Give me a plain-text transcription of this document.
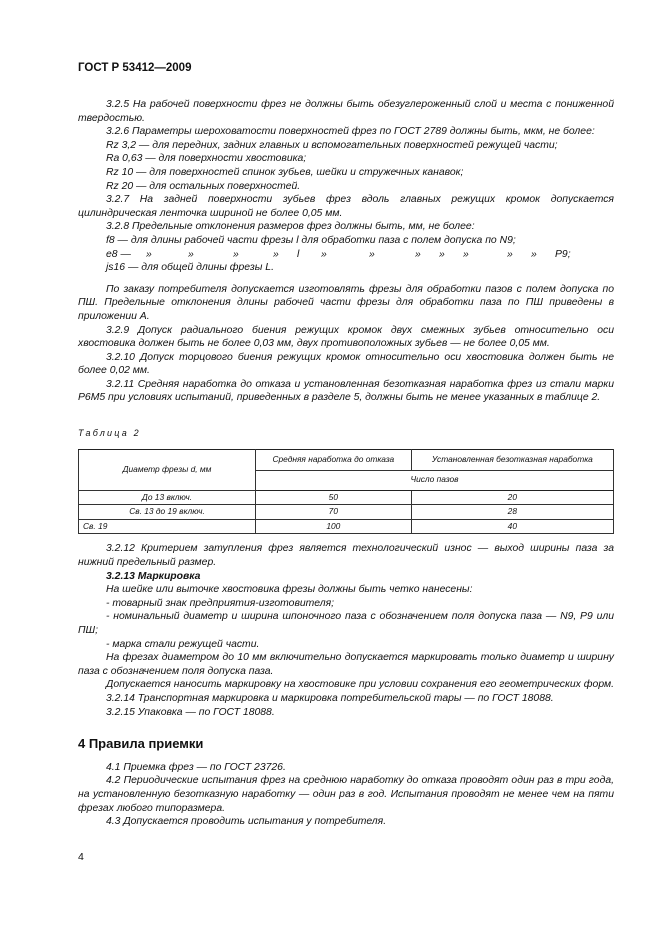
ГОСТ Р 53412—2009

3.2.5 На рабочей поверхности фрез не должны быть обезуглероженный слой и места с пониженной твердостью.

3.2.6 Параметры шероховатости поверхностей фрез по ГОСТ 2789 должны быть, мкм, не более:

Rz 3,2 — для передних, задних главных и вспомогательных поверхностей режущей части;

Ra 0,63 — для поверхности хвостовика;

Rz 10 — для поверхностей спинок зубьев, шейки и стружечных канавок;

Rz 20 — для остальных поверхностей.

3.2.7 На задней поверхности зубьев фрез вдоль главных режущих кромок допускается цилиндрическая ленточка шириной не более 0,05 мм.

3.2.8 Предельные отклонения размеров фрез должны быть, мм, не более:

f8 — для длины рабочей части фрезы l для обработки паза с полем допуска по N9;

e8 —	»	»	»	»	l	»	»	»	»	»	»	»	P9;

js16 — для общей длины фрезы L.

По заказу потребителя допускается изготовлять фрезы для обработки пазов с полем допуска по ПШ. Предельные отклонения длины рабочей части фрезы для обработки паза по ПШ приведены в приложении А.

3.2.9 Допуск радиального биения режущих кромок двух смежных зубьев относительно оси хвостовика должен быть не более 0,03 мм, двух противоположных зубьев — не более 0,05 мм.

3.2.10 Допуск торцового биения режущих кромок относительно оси хвостовика должен быть не более 0,02 мм.

3.2.11 Средняя наработка до отказа и установленная безотказная наработка фрез из стали марки Р6М5 при условиях испытаний, приведенных в разделе 5, должны быть не менее указанных в таблице 2.

Таблица 2

Диаметр фрезы d, мм	Средняя наработка до отказа	Установленная безотказная наработка
	Число пазов	
До 13 включ.	50	20
Св. 13 до 19 включ.	70	28
Св. 19	100	40

3.2.12 Критерием затупления фрез является технологический износ — выход ширины паза за нижний предельный размер.

3.2.13 Маркировка

На шейке или выточке хвостовика фрезы должны быть четко нанесены:

- товарный знак предприятия-изготовителя;

- номинальный диаметр и ширина шпоночного паза с обозначением поля допуска паза — N9, P9 или ПШ;

- марка стали режущей части.

На фрезах диаметром до 10 мм включительно допускается маркировать только диаметр и ширину паза с обозначением поля допуска паза.

Допускается наносить маркировку на хвостовике при условии сохранения его геометрических форм.

3.2.14 Транспортная маркировка и маркировка потребительской тары — по ГОСТ 18088.

3.2.15 Упаковка — по ГОСТ 18088.

4 Правила приемки

4.1 Приемка фрез — по ГОСТ 23726.

4.2 Периодические испытания фрез на среднюю наработку до отказа проводят один раз в три года, на установленную безотказную наработку — один раз в год. Испытания проводят не менее чем на пяти фрезах любого типоразмера.

4.3 Допускается проводить испытания у потребителя.

4
